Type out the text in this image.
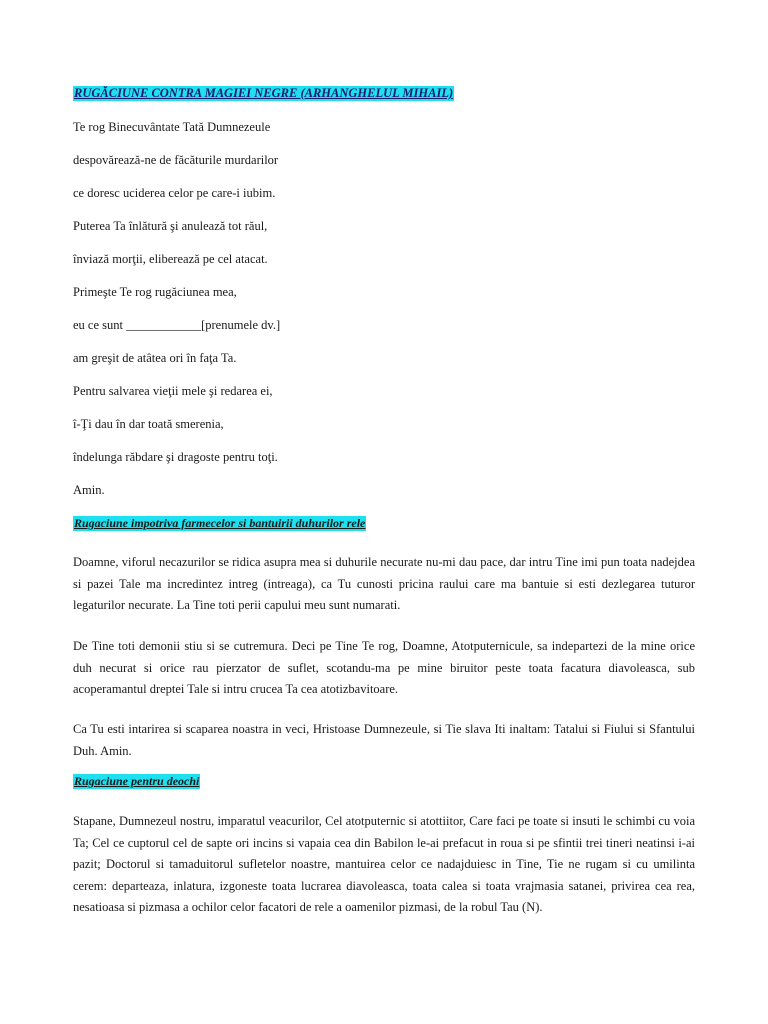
RUGĂCIUNE CONTRA MAGIEI NEGRE (ARHANGHELUL MIHAIL)
Te rog Binecuvântate Tată Dumnezeule
despovărează-ne de făcăturile murdarilor
ce doresc uciderea celor pe care-i iubim.
Puterea Ta înlătură şi anulează tot răul,
înviază morţii, eliberează pe cel atacat.
Primeşte Te rog rugăciunea mea,
eu ce sunt ____________[prenumele dv.]
am greşit de atâtea ori în faţa Ta.
Pentru salvarea vieţii mele şi redarea ei,
î-Ţi dau în dar toată smerenia,
îndelunga răbdare şi dragoste pentru toţi.
Amin.
Rugaciune impotriva farmecelor si bantuirii duhurilor rele
Doamne, viforul necazurilor se ridica asupra mea si duhurile necurate nu-mi dau pace, dar intru Tine imi pun toata nadejdea si pazei Tale ma incredintez intreg (intreaga), ca Tu cunosti pricina raului care ma bantuie si esti dezlegarea tuturor legaturilor necurate. La Tine toti perii capului meu sunt numarati.
De Tine toti demonii stiu si se cutremura. Deci pe Tine Te rog, Doamne, Atotputernicule, sa indepartezi de la mine orice duh necurat si orice rau pierzator de suflet, scotandu-ma pe mine biruitor peste toata facatura diavoleasca, sub acoperamantul dreptei Tale si intru crucea Ta cea atotizbavitoare.
Ca Tu esti intarirea si scaparea noastra in veci, Hristoase Dumnezeule, si Tie slava Iti inaltam: Tatalui si Fiului si Sfantului Duh. Amin.
Rugaciune pentru deochi
Stapane, Dumnezeul nostru, imparatul veacurilor, Cel atotputernic si atottiitor, Care faci pe toate si insuti le schimbi cu voia Ta; Cel ce cuptorul cel de sapte ori incins si vapaia cea din Babilon le-ai prefacut in roua si pe sfintii trei tineri neatinsi i-ai pazit; Doctorul si tamaduitorul sufletelor noastre, mantuirea celor ce nadajduiesc in Tine, Tie ne rugam si cu umilinta cerem: departeaza, inlatura, izgoneste toata lucrarea diavoleasca, toata calea si toata vrajmasia satanei, privirea cea rea, nesatioasa si pizmasa a ochilor celor facatori de rele a oamenilor pizmasi, de la robul Tau (N).
